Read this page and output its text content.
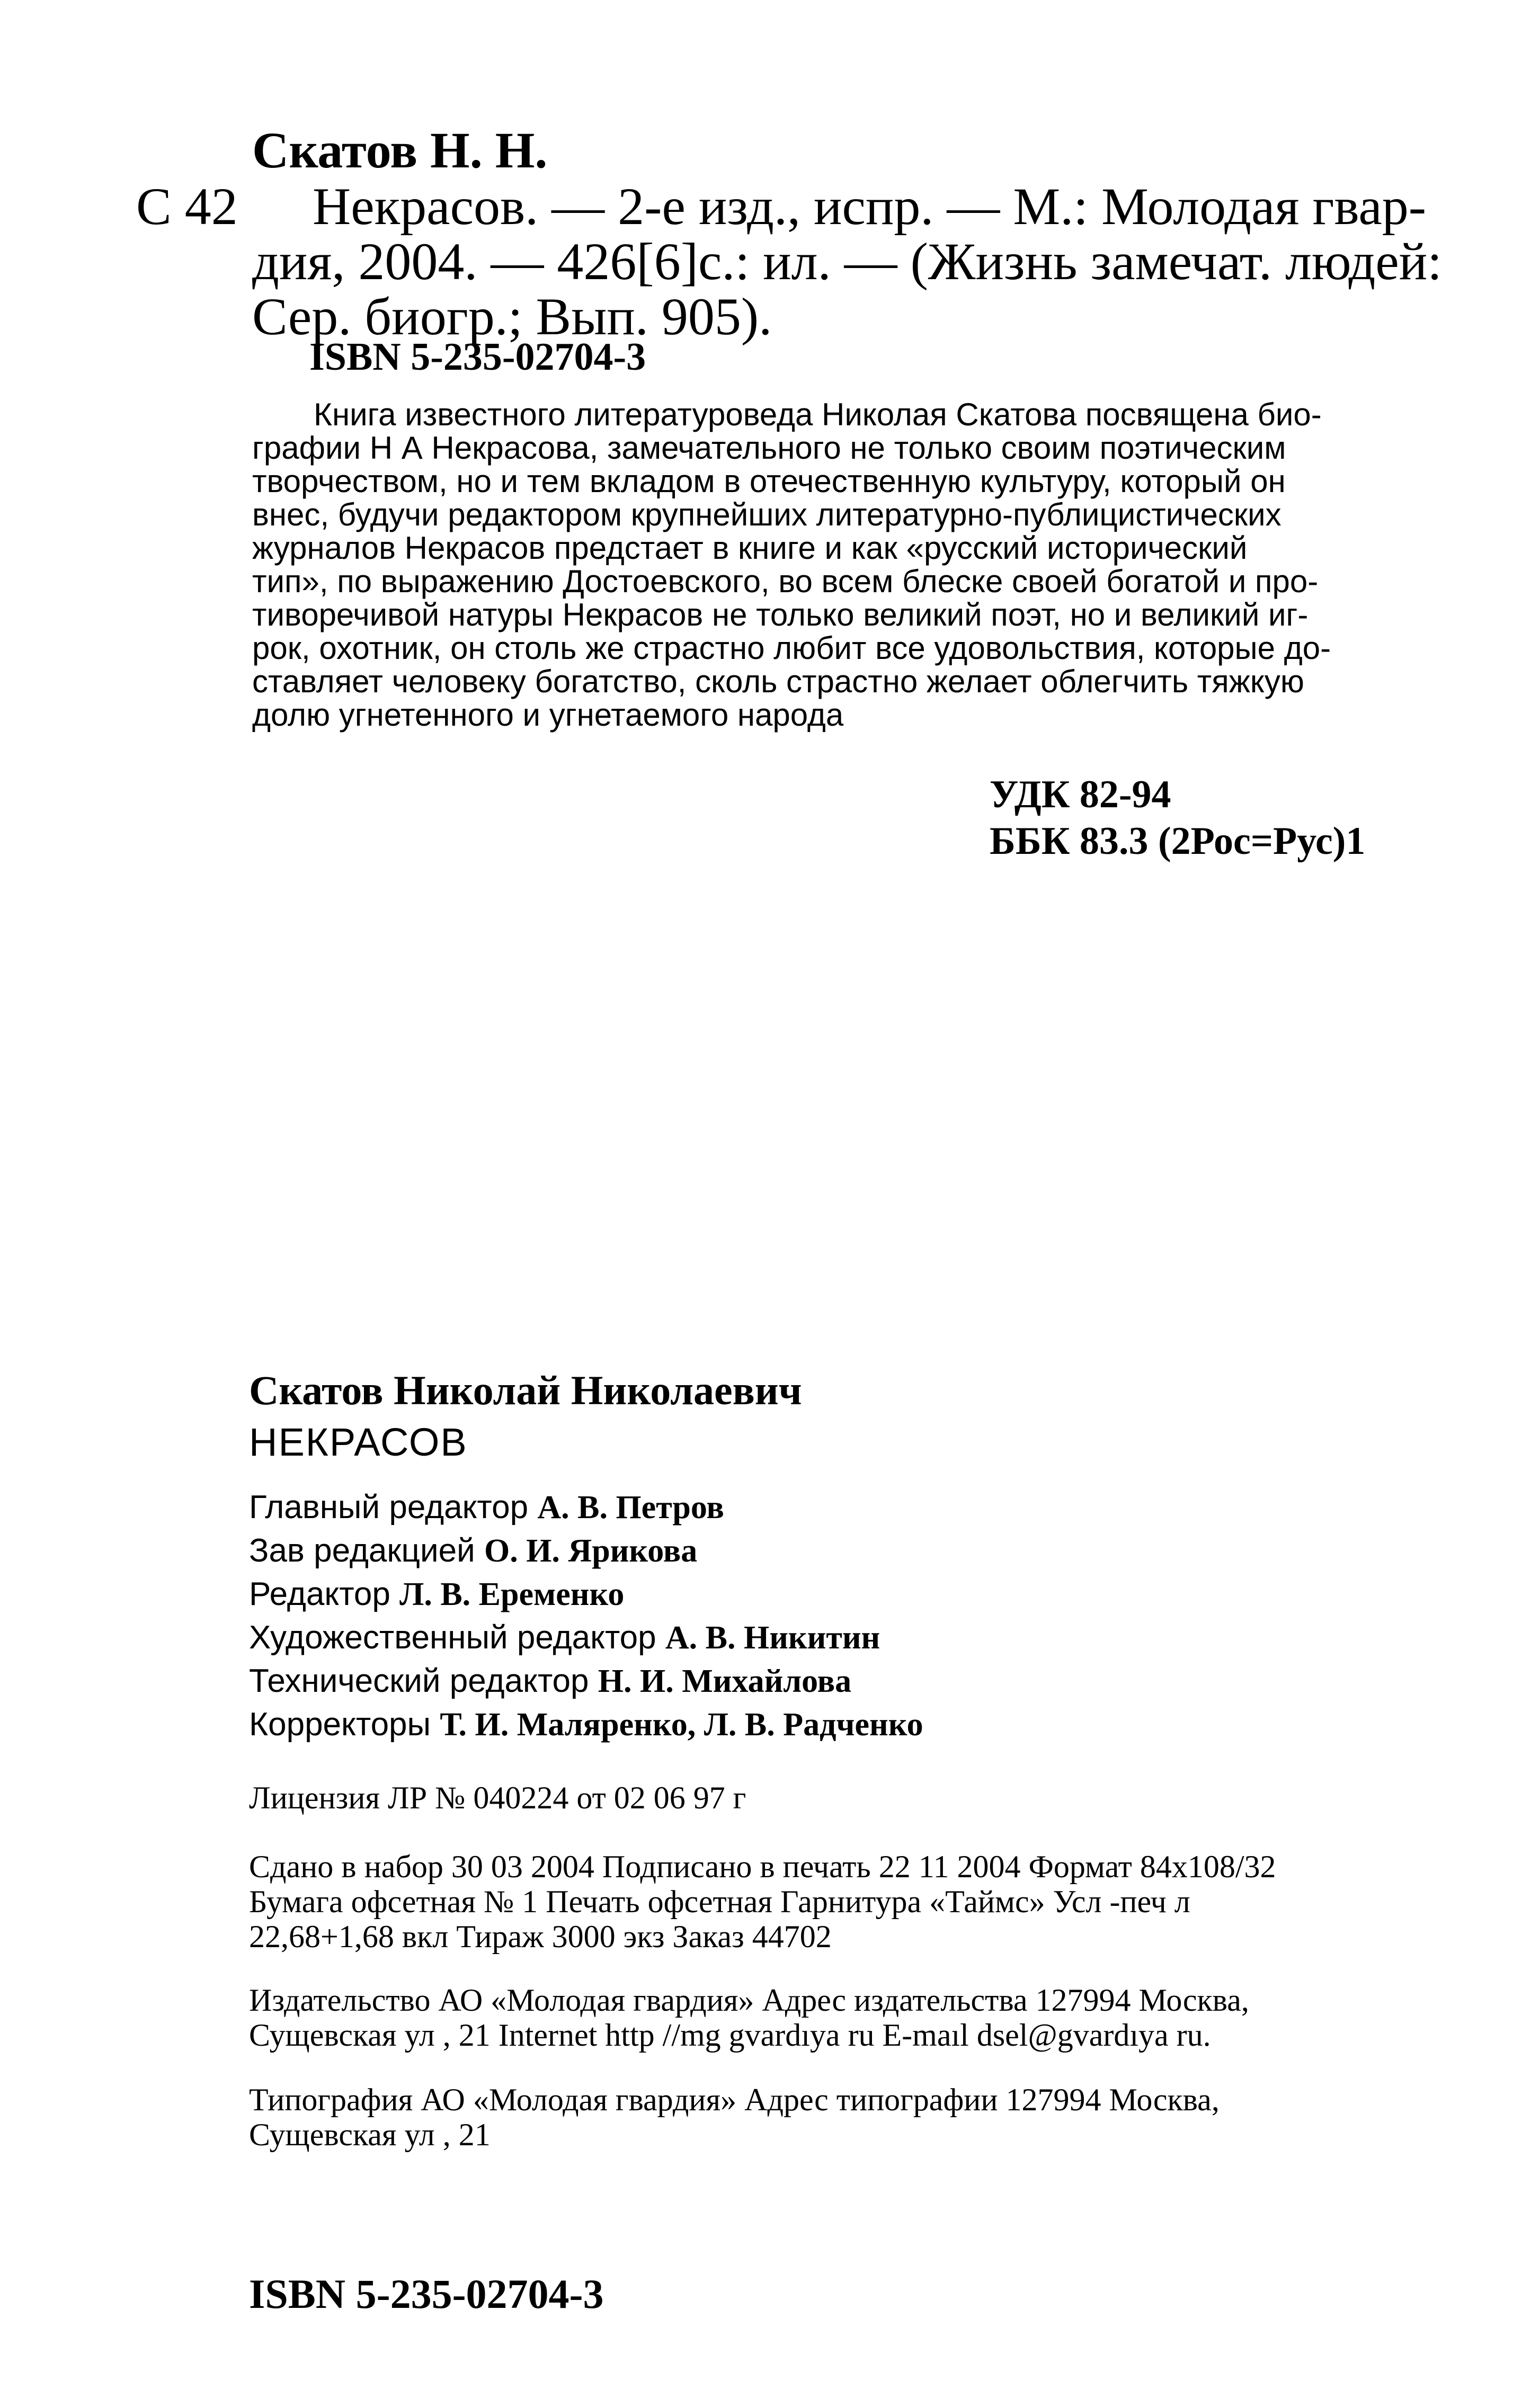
Скатов Н. Н.
С 42 Некрасов. — 2-е изд., испр. — М.: Молодая гвар-
дия, 2004. — 426[6]с.: ил. — (Жизнь замечат. людей:
Сер. биогр.; Вып. 905).
ISBN 5-235-02704-3
Книга известного литературоведа Николая Скатова посвящена био-
графии Н А Некрасова, замечательного не только своим поэтическим
творчеством, но и тем вкладом в отечественную культуру, который он
внес, будучи редактором крупнейших литературно-публицистических
журналов Некрасов предстает в книге и как «русский исторический
тип», по выражению Достоевского, во всем блеске своей богатой и про-
тиворечивой натуры Некрасов не только великий поэт, но и великий иг-
рок, охотник, он столь же страстно любит все удовольствия, которые до-
ставляет человеку богатство, сколь страстно желает облегчить тяжкую
долю угнетенного и угнетаемого народа
УДК 82-94
ББК 83.3 (2Рос=Рус)1
Скатов Николай Николаевич
НЕКРАСОВ
Главный редактор А. В. Петров
Зав редакцией О. И. Ярикова
Редактор Л. В. Еременко
Художественный редактор А. В. Никитин
Технический редактор Н. И. Михайлова
Корректоры Т. И. Маляренко, Л. В. Радченко
Лицензия ЛР № 040224 от 02 06 97 г
Сдано в набор 30 03 2004 Подписано в печать 22 11 2004 Формат 84x108/32
Бумага офсетная № 1 Печать офсетная Гарнитура «Таймс» Усл -печ л
22,68+1,68 вкл Тираж 3000 экз Заказ 44702
Издательство АО «Молодая гвардия» Адрес издательства 127994 Москва,
Сущевская ул , 21 Internet http //mg gvardıya ru E-maıl dsel@gvardıya ru.
Типография АО «Молодая гвардия» Адрес типографии 127994 Москва,
Сущевская ул , 21
ISBN 5-235-02704-3
